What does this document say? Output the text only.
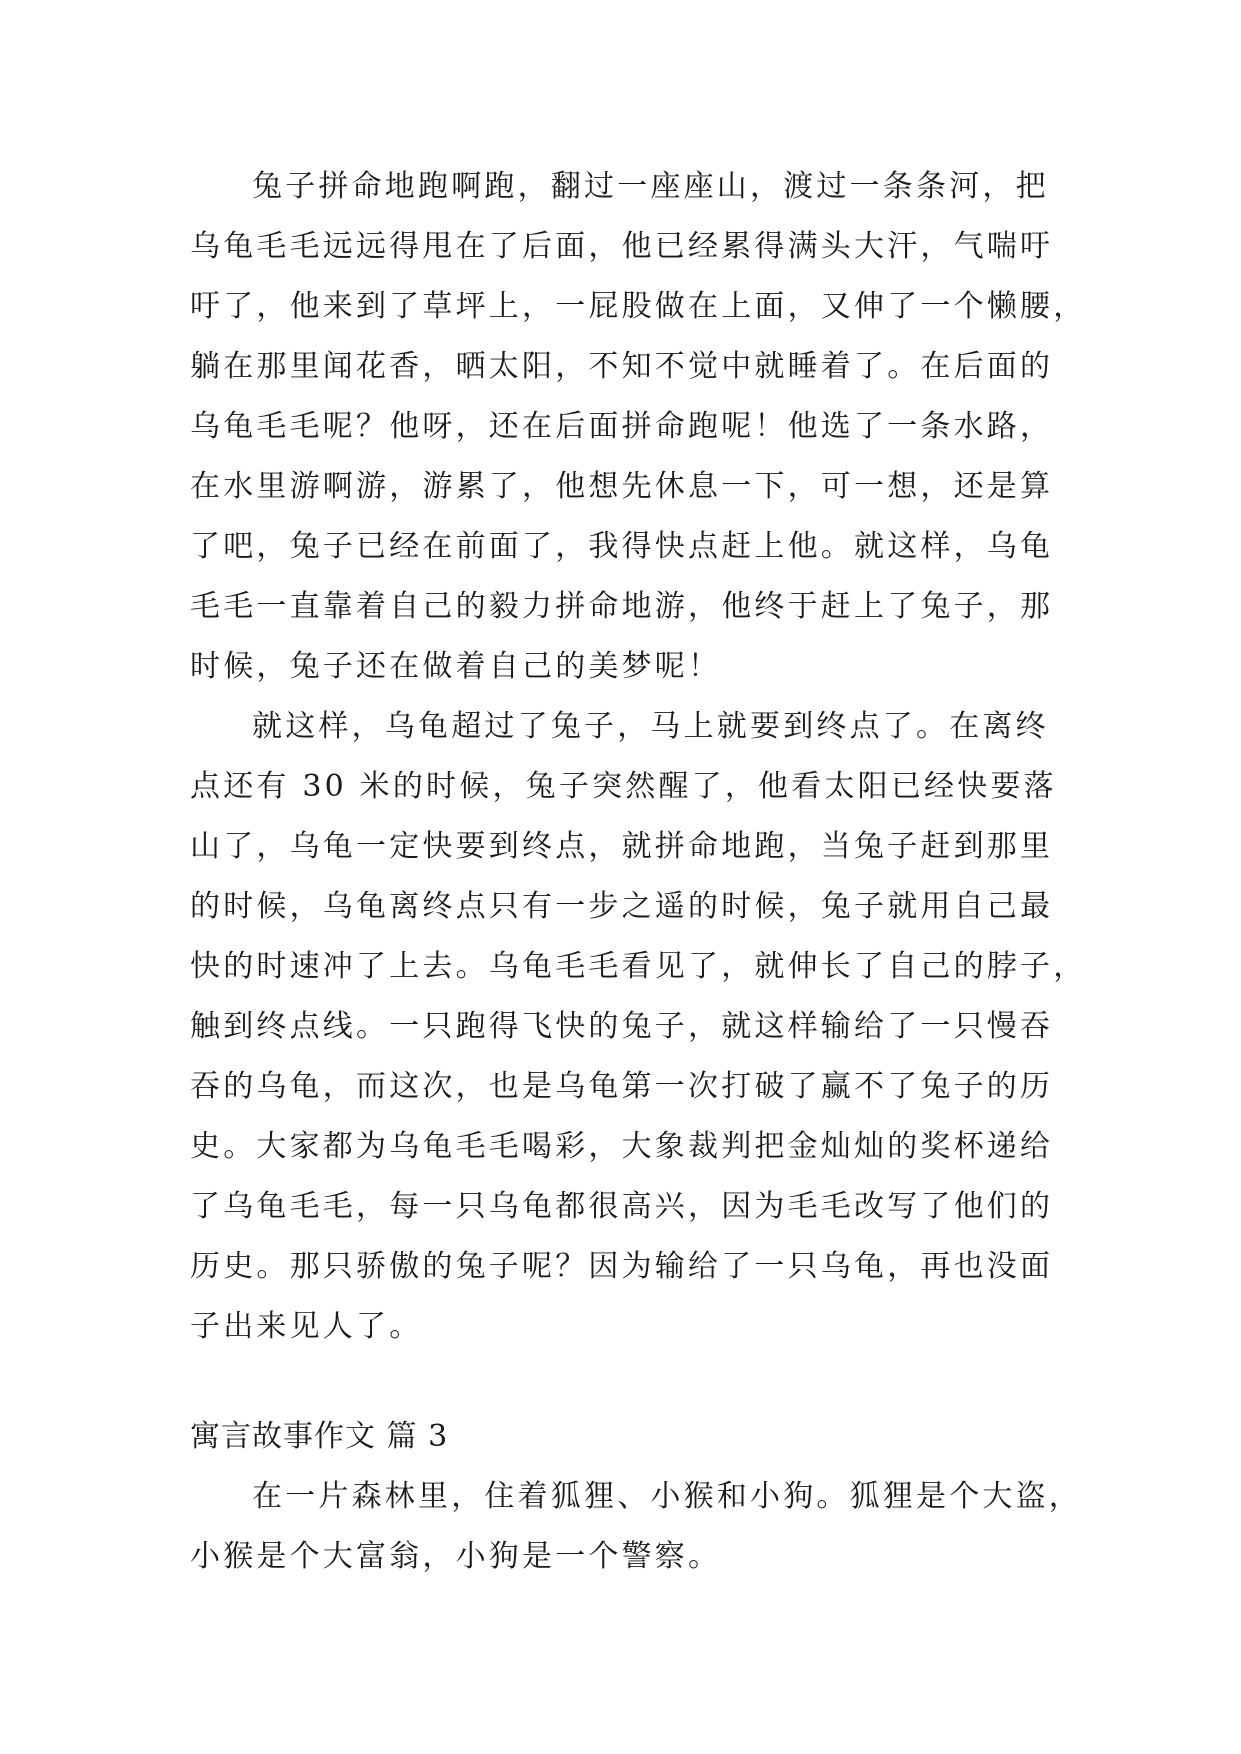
兔子拼命地跑啊跑，翻过一座座山，渡过一条条河，把
乌龟毛毛远远得甩在了后面，他已经累得满头大汗，气喘吁
吁了，他来到了草坪上，一屁股做在上面，又伸了一个懒腰，
躺在那里闻花香，晒太阳，不知不觉中就睡着了。在后面的
乌龟毛毛呢？他呀，还在后面拼命跑呢！他选了一条水路，
在水里游啊游，游累了，他想先休息一下，可一想，还是算
了吧，兔子已经在前面了，我得快点赶上他。就这样，乌龟
毛毛一直靠着自己的毅力拼命地游，他终于赶上了兔子，那
时候，兔子还在做着自己的美梦呢！
就这样，乌龟超过了兔子，马上就要到终点了。在离终
点还有 30 米的时候，兔子突然醒了，他看太阳已经快要落
山了，乌龟一定快要到终点，就拼命地跑，当兔子赶到那里
的时候，乌龟离终点只有一步之遥的时候，兔子就用自己最
快的时速冲了上去。乌龟毛毛看见了，就伸长了自己的脖子，
触到终点线。一只跑得飞快的兔子，就这样输给了一只慢吞
吞的乌龟，而这次，也是乌龟第一次打破了赢不了兔子的历
史。大家都为乌龟毛毛喝彩，大象裁判把金灿灿的奖杯递给
了乌龟毛毛，每一只乌龟都很高兴，因为毛毛改写了他们的
历史。那只骄傲的兔子呢？因为输给了一只乌龟，再也没面
子出来见人了。
寓言故事作文 篇 3
在一片森林里，住着狐狸、小猴和小狗。狐狸是个大盗，
小猴是个大富翁，小狗是一个警察。
